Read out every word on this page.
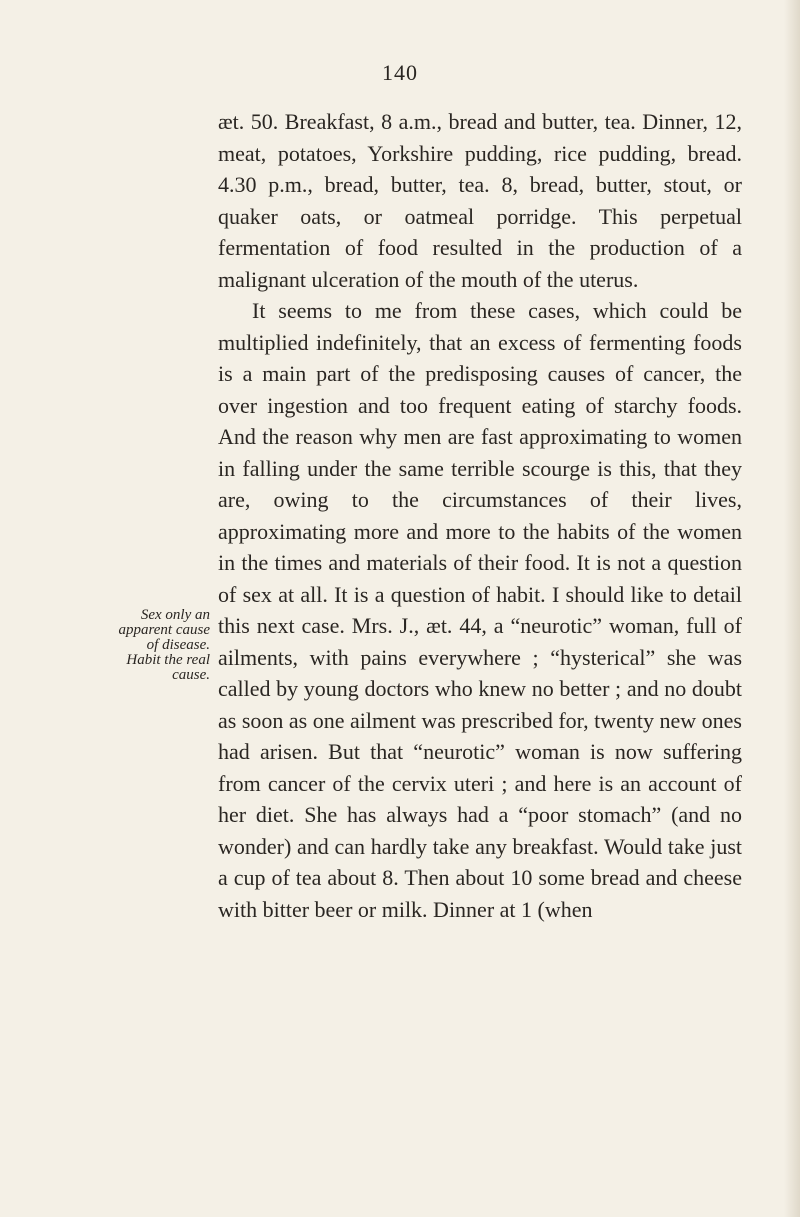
140

æt. 50. Breakfast, 8 a.m., bread and butter, tea. Dinner, 12, meat, potatoes, Yorkshire pudding, rice pudding, bread. 4.30 p.m., bread, butter, tea. 8, bread, butter, stout, or quaker oats, or oatmeal porridge. This perpetual fermentation of food resulted in the production of a malignant ulceration of the mouth of the uterus.

It seems to me from these cases, which could be multiplied indefinitely, that an excess of fermenting foods is a main part of the predisposing causes of cancer, the over ingestion and too frequent eating of starchy foods. And the reason why men are fast approximating to women in falling under the same terrible scourge is this, that they are, owing to the circumstances of their lives, approximating more and more to the habits of the women in the times and materials of their food. It is not a question of sex at all. It is a question of habit. I should like to detail this next case. Mrs. J., æt. 44, a “neurotic” woman, full of ailments, with pains everywhere ; “hysterical” she was called by young doctors who knew no better ; and no doubt as soon as one ailment was prescribed for, twenty new ones had arisen. But that “neurotic” woman is now suffering from cancer of the cervix uteri ; and here is an account of her diet. She has always had a “poor stomach” (and no wonder) and can hardly take any breakfast. Would take just a cup of tea about 8. Then about 10 some bread and cheese with bitter beer or milk. Dinner at 1 (when

Sex only an
apparent cause
of disease.
Habit the real
cause.
